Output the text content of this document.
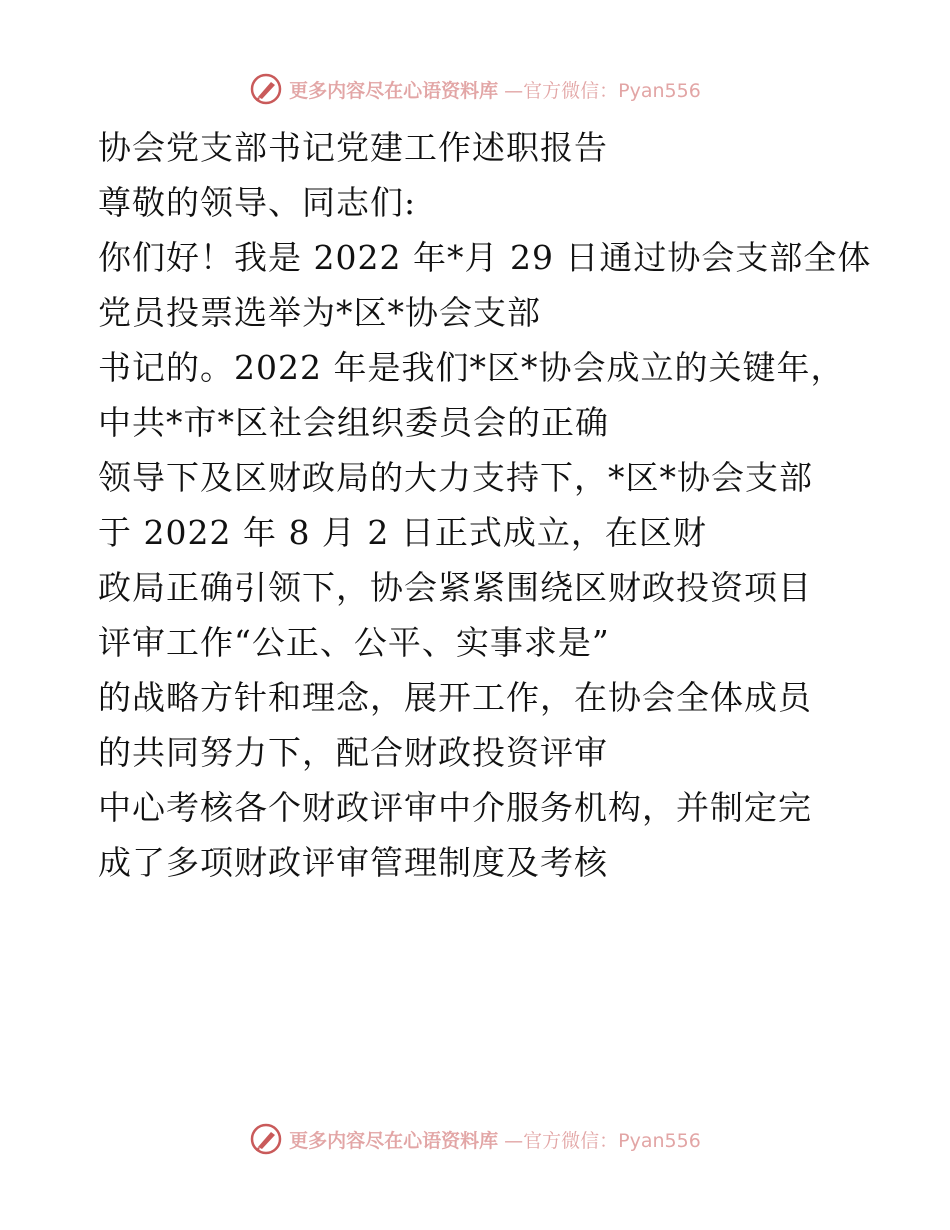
更多内容尽在心语资料库 —官方微信：Pyan556
协会党支部书记党建工作述职报告
尊敬的领导、同志们:
你们好！我是 2022 年*月 29 日通过协会支部全体
党员投票选举为*区*协会支部
书记的。2022 年是我们*区*协会成立的关键年，
中共*市*区社会组织委员会的正确
领导下及区财政局的大力支持下，*区*协会支部
于 2022 年 8 月 2 日正式成立，在区财
政局正确引领下，协会紧紧围绕区财政投资项目
评审工作“公正、公平、实事求是”
的战略方针和理念，展开工作，在协会全体成员
的共同努力下，配合财政投资评审
中心考核各个财政评审中介服务机构，并制定完
成了多项财政评审管理制度及考核
更多内容尽在心语资料库 —官方微信：Pyan556
